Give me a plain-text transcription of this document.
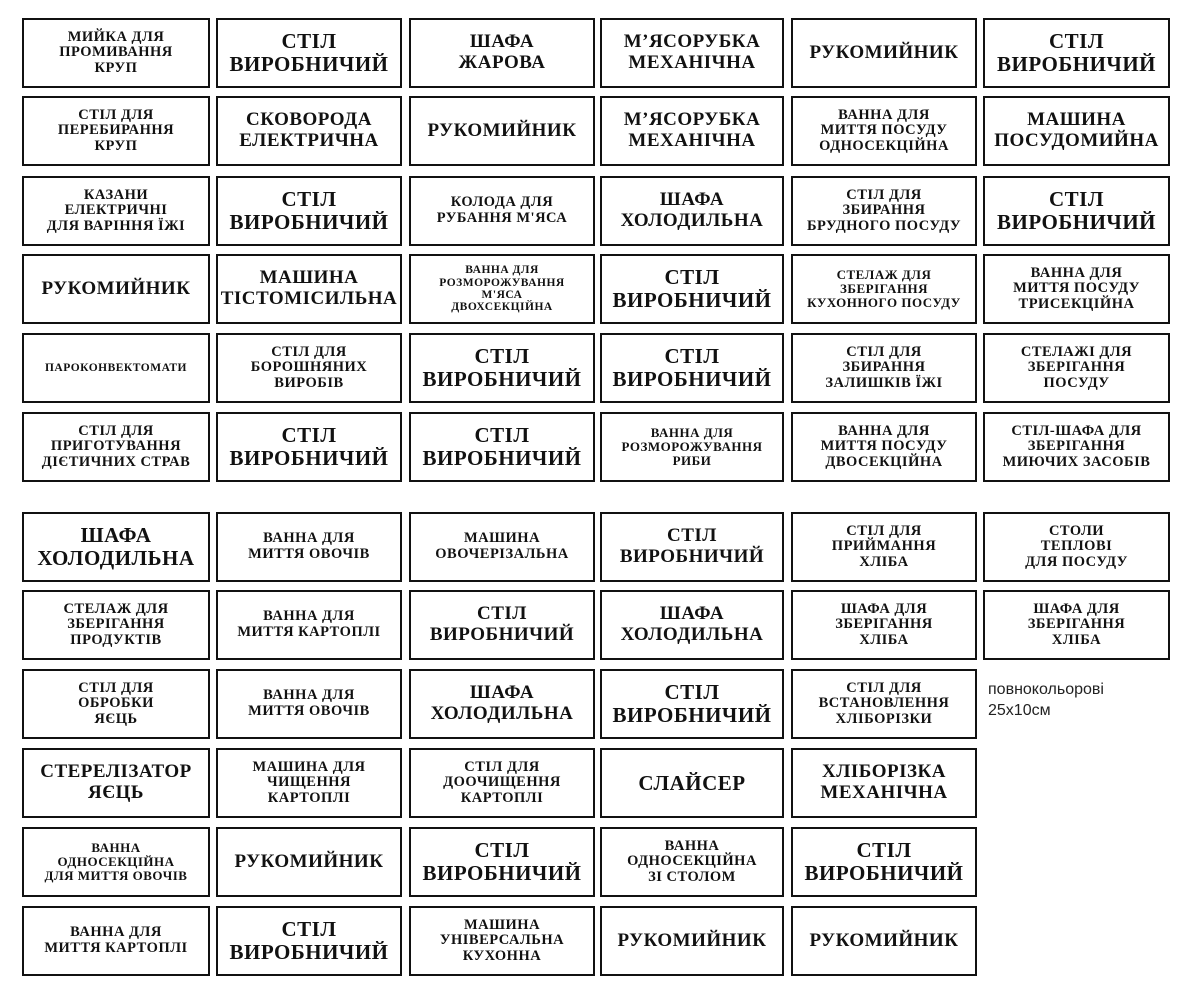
МИЙКА ДЛЯ
ПРОМИВАННЯ
КРУП
СТІЛ
ВИРОБНИЧИЙ
ШАФА
ЖАРОВА
М’ЯСОРУБКА
МЕХАНІЧНА	РУКОМИЙНИК	СТІЛ
ВИРОБНИЧИЙ
СТІЛ ДЛЯ
ПЕРЕБИРАННЯ
КРУП
СКОВОРОДА
ЕЛЕКТРИЧНА	РУКОМИЙНИК	М’ЯСОРУБКА
МЕХАНІЧНА
ВАННА ДЛЯ
МИТТЯ ПОСУДУ
ОДНОСЕКЦІЙНА
МАШИНА
ПОСУДОМИЙНА
КАЗАНИ
ЕЛЕКТРИЧНІ
ДЛЯ ВАРІННЯ ЇЖІ
СТІЛ
ВИРОБНИЧИЙ
КОЛОДА ДЛЯ
РУБАННЯ М'ЯСА
ШАФА
ХОЛОДИЛЬНА
СТІЛ ДЛЯ
ЗБИРАННЯ
БРУДНОГО ПОСУДУ
СТІЛ
ВИРОБНИЧИЙ
РУКОМИЙНИК	МАШИНА
ТІСТОМІСИЛЬНА
ВАННА ДЛЯ
РОЗМОРОЖУВАННЯ
М'ЯСА
ДВОХСЕКЦІЙНА
СТІЛ
ВИРОБНИЧИЙ
СТЕЛАЖ ДЛЯ
ЗБЕРІГАННЯ
КУХОННОГО ПОСУДУ
ВАННА ДЛЯ
МИТТЯ ПОСУДУ
ТРИСЕКЦІЙНА
ПАРОКОНВЕКТОМАТИ
СТІЛ ДЛЯ
БОРОШНЯНИХ
ВИРОБІВ
СТІЛ
ВИРОБНИЧИЙ
СТІЛ
ВИРОБНИЧИЙ
СТІЛ ДЛЯ
ЗБИРАННЯ
ЗАЛИШКІВ ЇЖІ
СТЕЛАЖІ ДЛЯ
ЗБЕРІГАННЯ
ПОСУДУ
СТІЛ ДЛЯ
ПРИГОТУВАННЯ
ДІЄТИЧНИХ СТРАВ
СТІЛ
ВИРОБНИЧИЙ
СТІЛ
ВИРОБНИЧИЙ
ВАННА ДЛЯ
РОЗМОРОЖУВАННЯ
РИБИ
ВАННА ДЛЯ
МИТТЯ ПОСУДУ
ДВОСЕКЦІЙНА
СТІЛ-ШАФА ДЛЯ
ЗБЕРІГАННЯ
МИЮЧИХ ЗАСОБІВ
ШАФА
ХОЛОДИЛЬНА
ВАННА ДЛЯ
МИТТЯ ОВОЧІВ
МАШИНА
ОВОЧЕРІЗАЛЬНА
СТІЛ
ВИРОБНИЧИЙ
СТІЛ ДЛЯ
ПРИЙМАННЯ
ХЛІБА
СТОЛИ
ТЕПЛОВІ
ДЛЯ ПОСУДУ
СТЕЛАЖ ДЛЯ
ЗБЕРІГАННЯ
ПРОДУКТІВ
ВАННА ДЛЯ
МИТТЯ КАРТОПЛІ
СТІЛ
ВИРОБНИЧИЙ
ШАФА
ХОЛОДИЛЬНА
ШАФА ДЛЯ
ЗБЕРІГАННЯ
ХЛІБА
ШАФА ДЛЯ
ЗБЕРІГАННЯ
ХЛІБА
СТІЛ ДЛЯ
ОБРОБКИ
ЯЄЦЬ
ВАННА ДЛЯ
МИТТЯ ОВОЧІВ
ШАФА
ХОЛОДИЛЬНА
СТІЛ
ВИРОБНИЧИЙ
СТІЛ ДЛЯ
ВСТАНОВЛЕННЯ
ХЛІБОРІЗКИ
СТЕРЕЛІЗАТОР
ЯЄЦЬ
МАШИНА ДЛЯ
ЧИЩЕННЯ
КАРТОПЛІ
СТІЛ ДЛЯ
ДООЧИЩЕННЯ
КАРТОПЛІ
СЛАЙСЕР	ХЛІБОРІЗКА
МЕХАНІЧНА
ВАННА
ОДНОСЕКЦІЙНА
ДЛЯ МИТТЯ ОВОЧІВ
РУКОМИЙНИК	СТІЛ
ВИРОБНИЧИЙ
ВАННА
ОДНОСЕКЦІЙНА
ЗІ СТОЛОМ
СТІЛ
ВИРОБНИЧИЙ
ВАННА ДЛЯ
МИТТЯ КАРТОПЛІ
СТІЛ
ВИРОБНИЧИЙ
МАШИНА
УНІВЕРСАЛЬНА
КУХОННА
РУКОМИЙНИК	РУКОМИЙНИК
повнокольорові
25х10см
